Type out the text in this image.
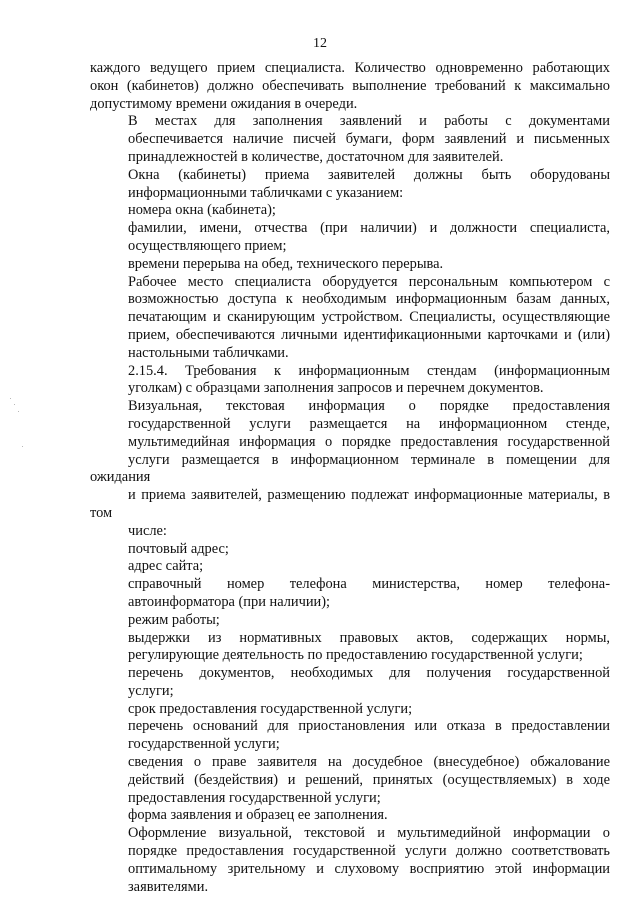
12

каждого ведущего прием специалиста. Количество одновременно работающих
окон (кабинетов) должно обеспечивать выполнение требований к максимально
допустимому времени ожидания в очереди.

В местах для заполнения заявлений и работы с документами
обеспечивается наличие писчей бумаги, форм заявлений и письменных
принадлежностей в количестве, достаточном для заявителей.

Окна (кабинеты) приема заявителей должны быть оборудованы
информационными табличками с указанием:

номера окна (кабинета);

фамилии, имени, отчества (при наличии) и должности специалиста,
осуществляющего прием;

времени перерыва на обед, технического перерыва.

Рабочее место специалиста оборудуется персональным компьютером с
возможностью доступа к необходимым информационным базам данных,
печатающим и сканирующим устройством. Специалисты, осуществляющие
прием, обеспечиваются личными идентификационными карточками и (или)
настольными табличками.

2.15.4. Требования к информационным стендам (информационным
уголкам) с образцами заполнения запросов и перечнем документов.

Визуальная, текстовая информация о порядке предоставления
государственной услуги размещается на информационном стенде,
мультимедийная информация о порядке предоставления государственной
услуги размещается в информационном терминале в помещении для ожидания
и приема заявителей, размещению подлежат информационные материалы, в том
числе:

почтовый адрес;

адрес сайта;

справочный номер телефона министерства, номер телефона-
автоинформатора (при наличии);

режим работы;

выдержки из нормативных правовых актов, содержащих нормы,
регулирующие деятельность по предоставлению государственной услуги;

перечень документов, необходимых для получения государственной
услуги;

срок предоставления государственной услуги;

перечень оснований для приостановления или отказа в предоставлении
государственной услуги;

сведения о праве заявителя на досудебное (внесудебное) обжалование
действий (бездействия) и решений, принятых (осуществляемых) в ходе
предоставления государственной услуги;

форма заявления и образец ее заполнения.

Оформление визуальной, текстовой и мультимедийной информации о
порядке предоставления государственной услуги должно соответствовать
оптимальному зрительному и слуховому восприятию этой информации
заявителями.
